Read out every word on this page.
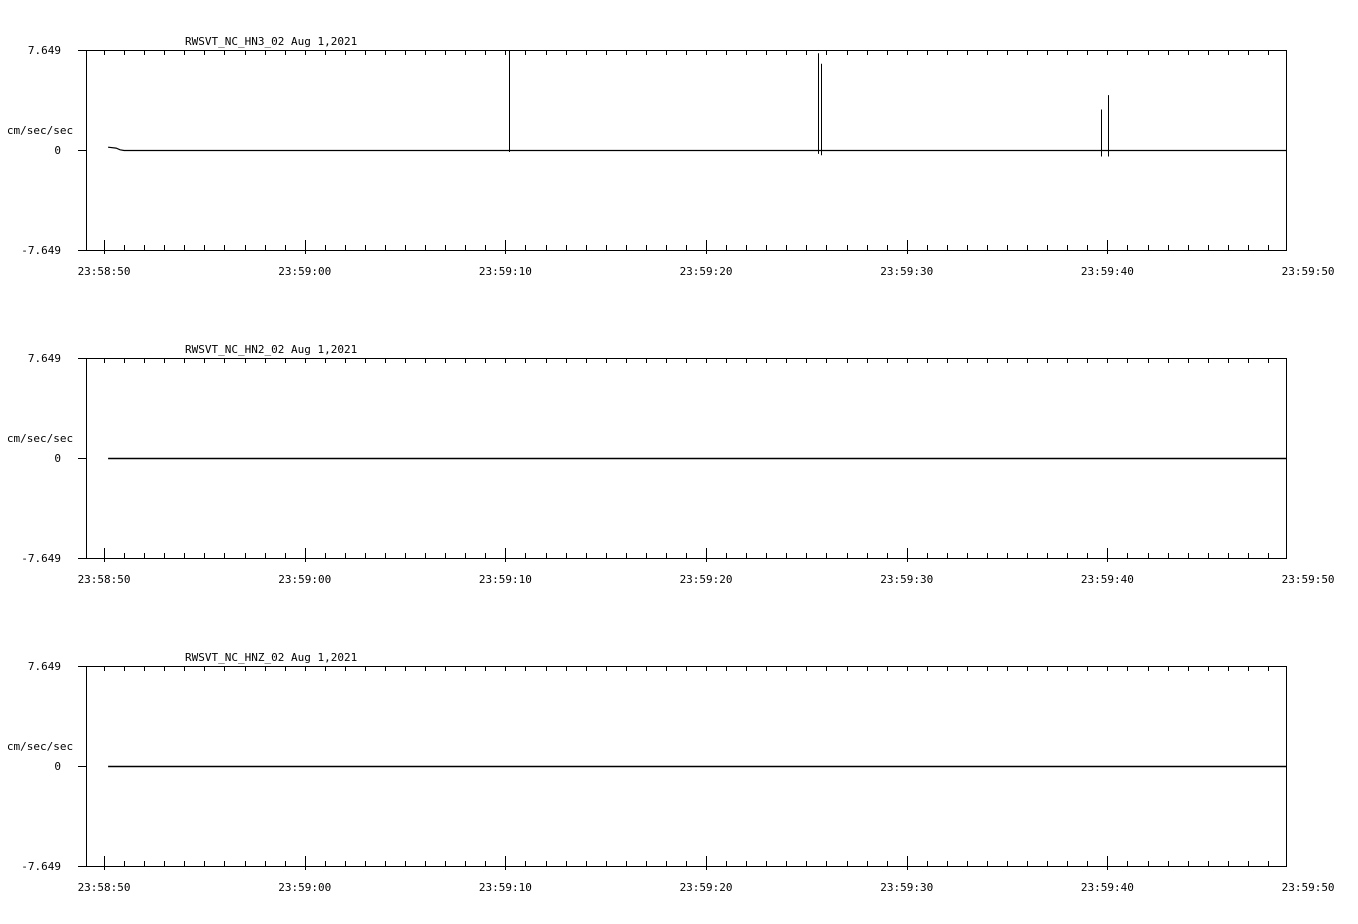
RWSVT_NC_HN3_02 Aug 1,2021
7.649
0
-7.649
cm/sec/sec
23:58:50	23:59:00	23:59:10	23:59:20	23:59:30	23:59:40	23:59:50
RWSVT_NC_HN2_02 Aug 1,2021
7.649
0
-7.649
cm/sec/sec
23:58:50	23:59:00	23:59:10	23:59:20	23:59:30	23:59:40	23:59:50
RWSVT_NC_HNZ_02 Aug 1,2021
7.649
0
-7.649
cm/sec/sec
23:58:50	23:59:00	23:59:10	23:59:20	23:59:30	23:59:40	23:59:50
